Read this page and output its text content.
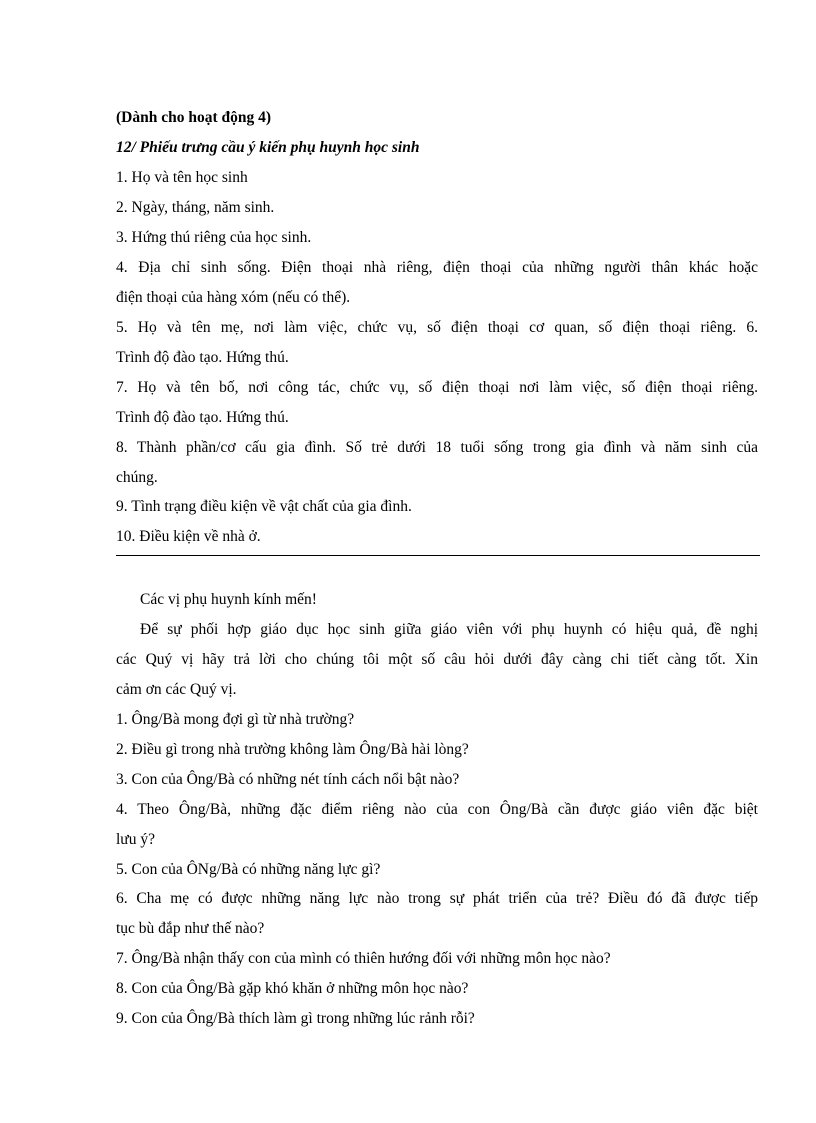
(Dành cho hoạt động 4)
12/ Phiếu trưng cầu ý kiến phụ huynh học sinh
1. Họ và tên học sinh
2. Ngày, tháng, năm sinh.
3. Hứng thú riêng của học sinh.
4. Địa chỉ sinh sống. Điện thoại nhà riêng, điện thoại của những người thân khác hoặc
điện thoại của hàng xóm (nếu có thể).
5. Họ và tên mẹ, nơi làm việc, chức vụ, số điện thoại cơ quan, số điện thoại riêng. 6.
Trình độ đào tạo. Hứng thú.
7. Họ và tên bố, nơi công tác, chức vụ, số điện thoại nơi làm việc, số điện thoại riêng.
Trình độ đào tạo. Hứng thú.
8. Thành phần/cơ cấu gia đình. Số trẻ dưới 18 tuổi sống trong gia đình và năm sinh của
chúng.
9. Tình trạng điều kiện về vật chất của gia đình.
10. Điều kiện về nhà ở.
Các vị phụ huynh kính mến!
Để sự phối hợp giáo dục học sinh giữa giáo viên với phụ huynh có hiệu quả, đề nghị
các Quý vị hãy trả lời cho chúng tôi một số câu hỏi dưới đây càng chi tiết càng tốt. Xin
cảm ơn các Quý vị.
1. Ông/Bà mong đợi gì từ nhà trường?
2. Điều gì trong nhà trường không làm Ông/Bà hài lòng?
3. Con của Ông/Bà có những nét tính cách nổi bật nào?
4. Theo Ông/Bà, những đặc điểm riêng nào của con Ông/Bà cần được giáo viên đặc biệt
lưu ý?
5. Con của ÔNg/Bà có những năng lực gì?
6. Cha mẹ có được những năng lực nào trong sự phát triển của trẻ? Điều đó đã được tiếp
tục bù đắp như thế nào?
7. Ông/Bà nhận thấy con của mình có thiên hướng đối với những môn học nào?
8. Con của Ông/Bà gặp khó khăn ở những môn học nào?
9. Con của Ông/Bà thích làm gì trong những lúc rảnh rỗi?
